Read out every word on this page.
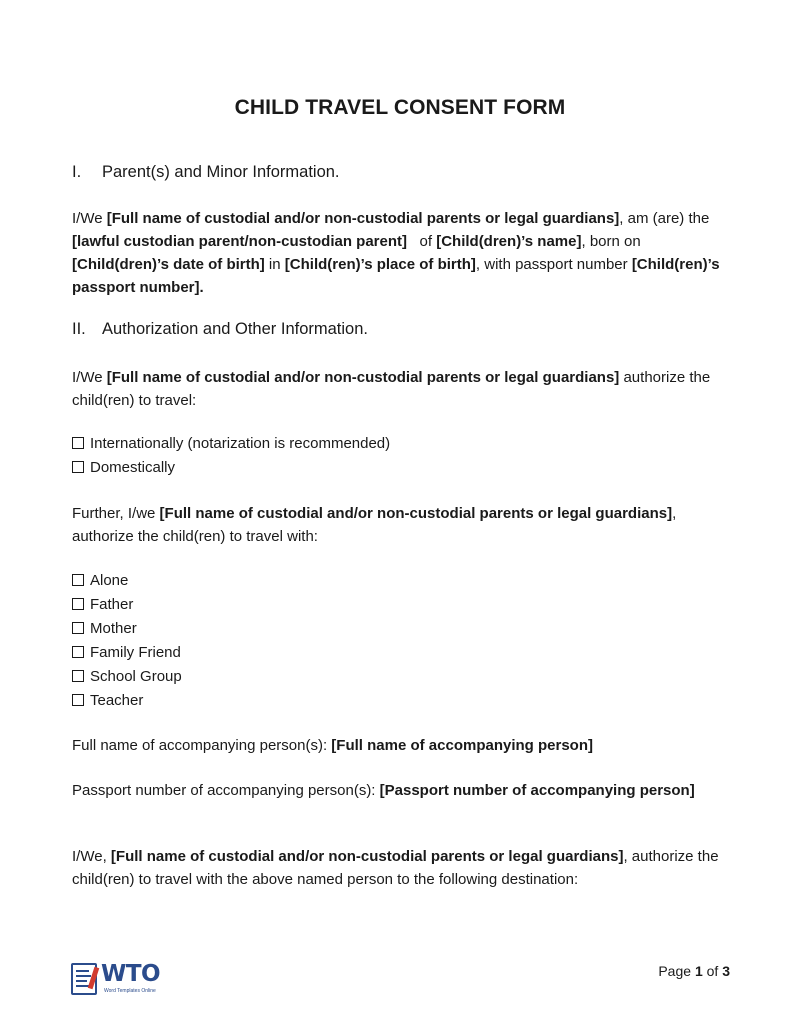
CHILD TRAVEL CONSENT FORM
I. Parent(s) and Minor Information.
I/We [Full name of custodial and/or non-custodial parents or legal guardians], am (are) the [lawful custodian parent/non-custodian parent]   of [Child(dren)’s name], born on [Child(dren)’s date of birth] in [Child(ren)’s place of birth], with passport number [Child(ren)’s passport number].
II. Authorization and Other Information.
I/We [Full name of custodial and/or non-custodial parents or legal guardians] authorize the child(ren) to travel:
Internationally (notarization is recommended)
Domestically
Further, I/we [Full name of custodial and/or non-custodial parents or legal guardians], authorize the child(ren) to travel with:
Alone
Father
Mother
Family Friend
School Group
Teacher
Full name of accompanying person(s): [Full name of accompanying person]
Passport number of accompanying person(s): [Passport number of accompanying person]
I/We, [Full name of custodial and/or non-custodial parents or legal guardians], authorize the child(ren) to travel with the above named person to the following destination:
WTO
Word Templates Online
Page 1 of 3
